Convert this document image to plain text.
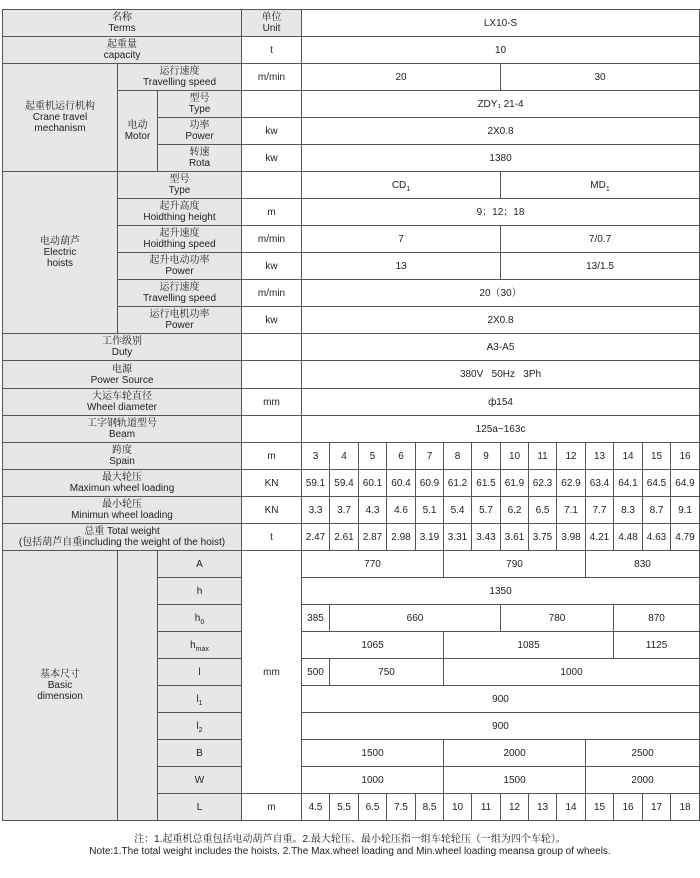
名称
Terms			单位
Unit	LX10-S													

起重量
capacity			t	10													

起重机运行机构
Crane travel
mechanism	运行速度
Travelling speed		m/min	20							30						

	电动
Motor	型号
Type		ZDY₁ 21-4													

		功率
Power	kw	2X0.8													

		转速
Rota	kw	1380													

电动葫芦
Electric
hoists	型号
Type			$CD_1$							$MD_1$

	起升高度
Hoidthing height		m	9；12；18													

	起升速度
Hoidthing speed		m/min	7							7/0.7						

	起升电动功率
Power		kw	13							13/1.5						

	运行速度
Travelling speed		m/min	20（30）													

	运行电机功率
Power		kw	2X0.8													

工作级别
Duty				A3-A5													

电源
Power Source				380V   50Hz   3Ph													

大运车轮直径
Wheel diameter			mm	ф154													

工字钢轨道型号
Beam				125a~163c													

跨度
Spain			m	3	4	5	6	7	8	9	10	11	12	13	14	15	16

最大轮压
Maximun wheel loading			KN	59.1	59.4	60.1	60.4	60.9	61.2	61.5	61.9	62.3	62.9	63.4	64.1	64.5	64.9

最小轮压
Minimun wheel loading			KN	3.3	3.7	4.3	4.6	5.1	5.4	5.7	6.2	6.5	7.1	7.7	8.3	8.7	9.1

总重 Total weight
(包括葫芦自重including the weight of the hoist)			t	2.47	2.61	2.87	2.98	3.19	3.31	3.43	3.61	3.75	3.98	4.21	4.48	4.63	4.79

基本尺寸
Basic
dimension		A	mm	770					790					830			
		h		1350													
		$h_0$		385	660						780				870		
		$h_{max}$		1065					1085						1125		
		l		500	750				1000								
		$l_1$		900													
		$l_2$		900													
		B		1500					2000					2500			
		W		1000					1500					2000			
		L	m	4.5	5.5	6.5	7.5	8.5	10	11	12	13	14	15	16	17	18
注：1.起重机总重包括电动葫芦自重。2.最大轮压、最小轮压指一组车轮轮压（一组为四个车轮）。
Note:1.The total weight includes the hoists. 2.The Max.wheel loading and Min.wheel loading meansa group of wheels.
